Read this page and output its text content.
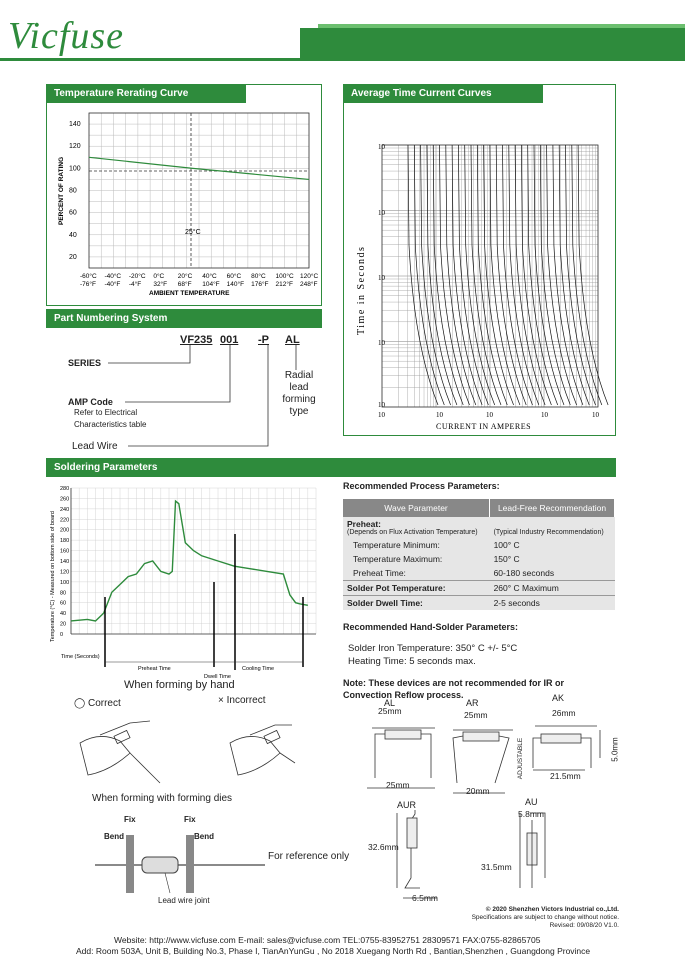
Vicfuse
Temperature Rerating Curve
140
120
100
80
60
40
20
-60°C
-76°F
-40°C
-40°F
-20°C
-4°F
0°C
32°F
20°C
68°F
40°C
104°F
60°C
140°F
80°C
176°F
100°C
212°F
120°C
248°F
25°C
PERCENT OF RATING
AMBIENT TEMPERATURE
Average Time Current Curves
10
10
10
10
10
10	10	10	10	10
Time in Seconds
CURRENT IN AMPERES
Part Numbering System
VF235 001 -P AL
SERIES
AMP Code
Refer to Electrical
Characteristics table
Lead Wire
Radial
lead
forming
type
Soldering Parameters
280
260
240
220
200
180
160
140
120
100
80
60
40
20
0
Preheat Time	Cooling Time
Dwell Time
Time (Seconds)
Temperature (°C) - Measured on bottom side of board
Recommended Process Parameters:
Wave Parameter	Lead-Free Recommendation

Preheat:
(Depends on Flux Activation Temperature)	(Typical Industry Recommendation)
Temperature Minimum:	100° C
Temperature Maximum:	150° C
Preheat Time:	60-180 seconds
Solder Pot Temperature:	260° C Maximum
Solder Dwell Time:	2-5 seconds
Recommended Hand-Solder Parameters:
Solder Iron Temperature: 350° C +/- 5°C
Heating Time: 5 seconds max.
Note: These devices are not recommended for IR or Convection Reflow process.
When forming by hand
◯ Correct	× Incorrect
When forming with forming dies
Fix	Fix
Bend	Bend
Lead wire joint
For reference only
AL	AR	AK
25mm	25mm	26mm
25mm
20mm
21.5mm
5.0mm
ADJUSTABLE
AUR	AU
5.8mm
32.6mm
31.5mm
6.5mm
© 2020 Shenzhen Victors Industrial co.,Ltd.
Specifications are subject to change without notice.
Revised: 09/08/20 V1.0.
Website: http://www.vicfuse.com E-mail: sales@vicfuse.com TEL:0755-83952751 28309571 FAX:0755-82865705
Add: Room 503A, Unit B, Building No.3, Phase I, TianAnYunGu , No 2018 Xuegang North Rd , Bantian,Shenzhen , Guangdong Province
